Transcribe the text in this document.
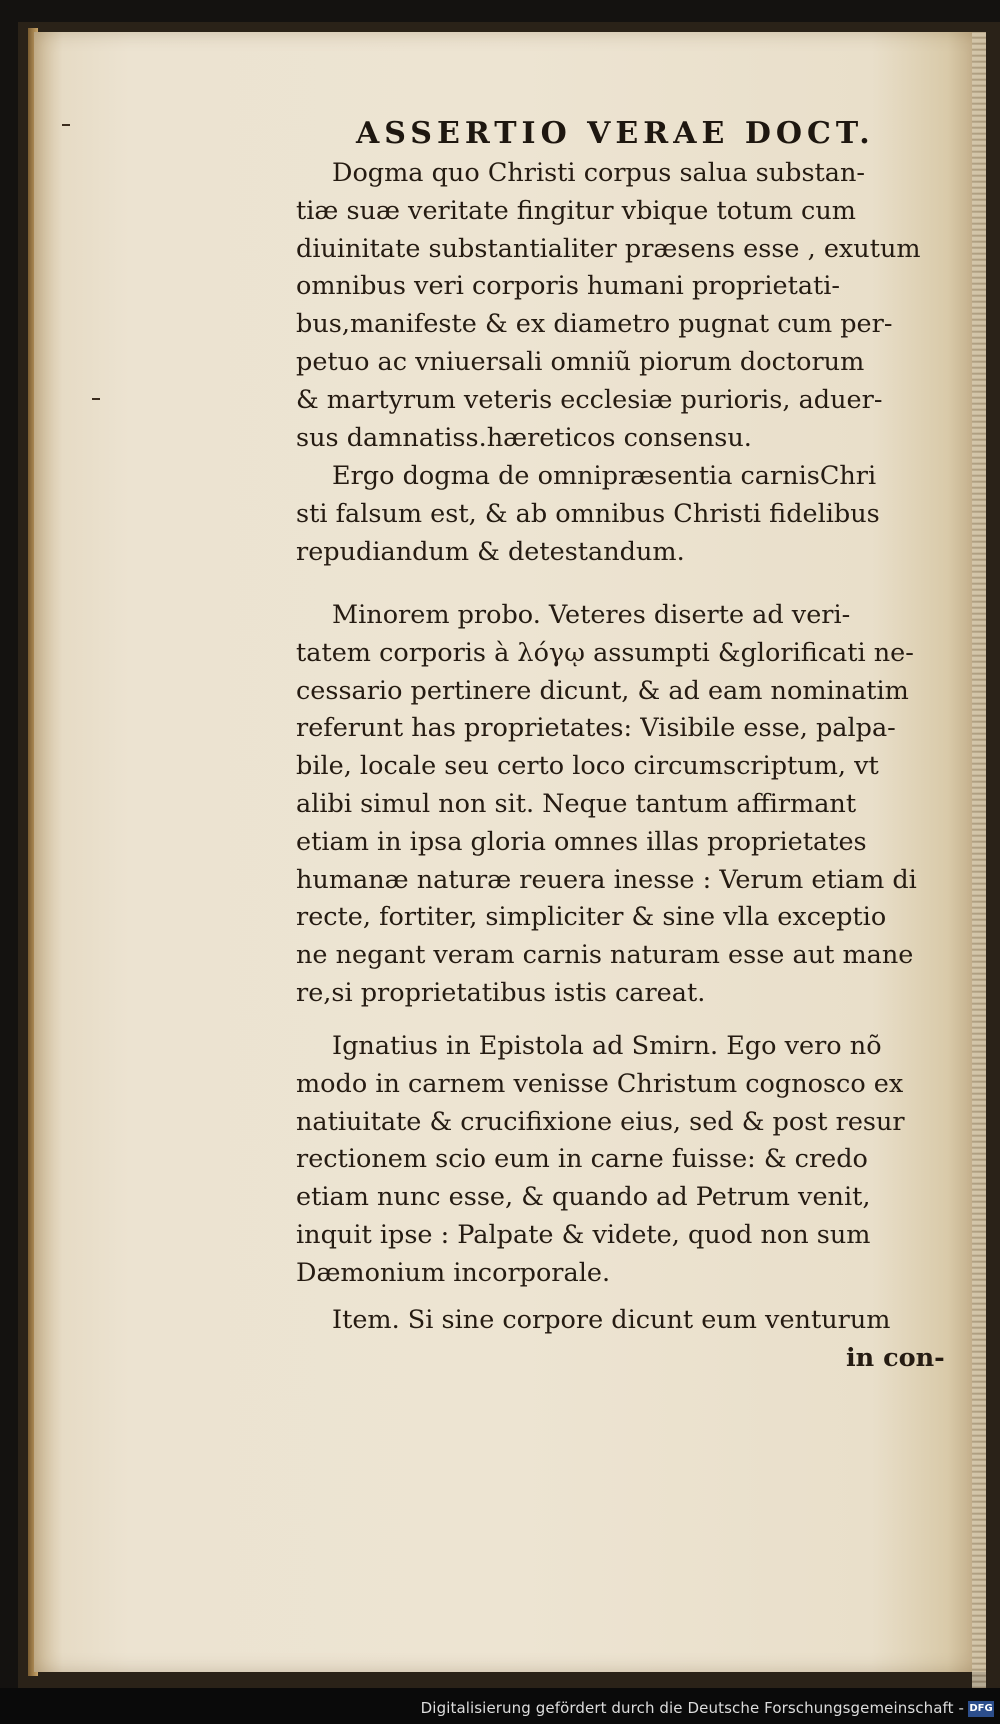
ASSERTIO VERAE DOCT.
Dogma quo Christi corpus salua substan-
tiæ suæ veritate fingitur vbique totum cum
diuinitate substantialiter præsens esse , exutum
omnibus veri corporis humani proprietati-
bus,manifeste & ex diametro pugnat cum per-
petuo ac vniuersali omniũ piorum doctorum
& martyrum veteris ecclesiæ purioris, aduer-
sus damnatiss.hæreticos consensu.
Ergo dogma de omnipræsentia carnisChri
sti falsum est, & ab omnibus Christi fidelibus
repudiandum & detestandum.
Minorem probo. Veteres diserte ad veri-
tatem corporis à λόγῳ assumpti &glorificati ne-
cessario pertinere dicunt, & ad eam nominatim
referunt has proprietates: Visibile esse, palpa-
bile, locale seu certo loco circumscriptum, vt
alibi simul non sit. Neque tantum affirmant
etiam in ipsa gloria omnes illas proprietates
humanæ naturæ reuera inesse : Verum etiam di
recte, fortiter, simpliciter & sine vlla exceptio
ne negant veram carnis naturam esse aut mane
re,si proprietatibus istis careat.
Ignatius in Epistola ad Smirn. Ego vero nõ
modo in carnem venisse Christum cognosco ex
natiuitate & crucifixione eius, sed & post resur
rectionem scio eum in carne fuisse: & credo
etiam nunc esse, & quando ad Petrum venit,
inquit ipse : Palpate & videte, quod non sum
Dæmonium incorporale.
Item. Si sine corpore dicunt eum venturum
in con-
Digitalisierung gefördert durch die Deutsche Forschungsgemeinschaft - DFG
